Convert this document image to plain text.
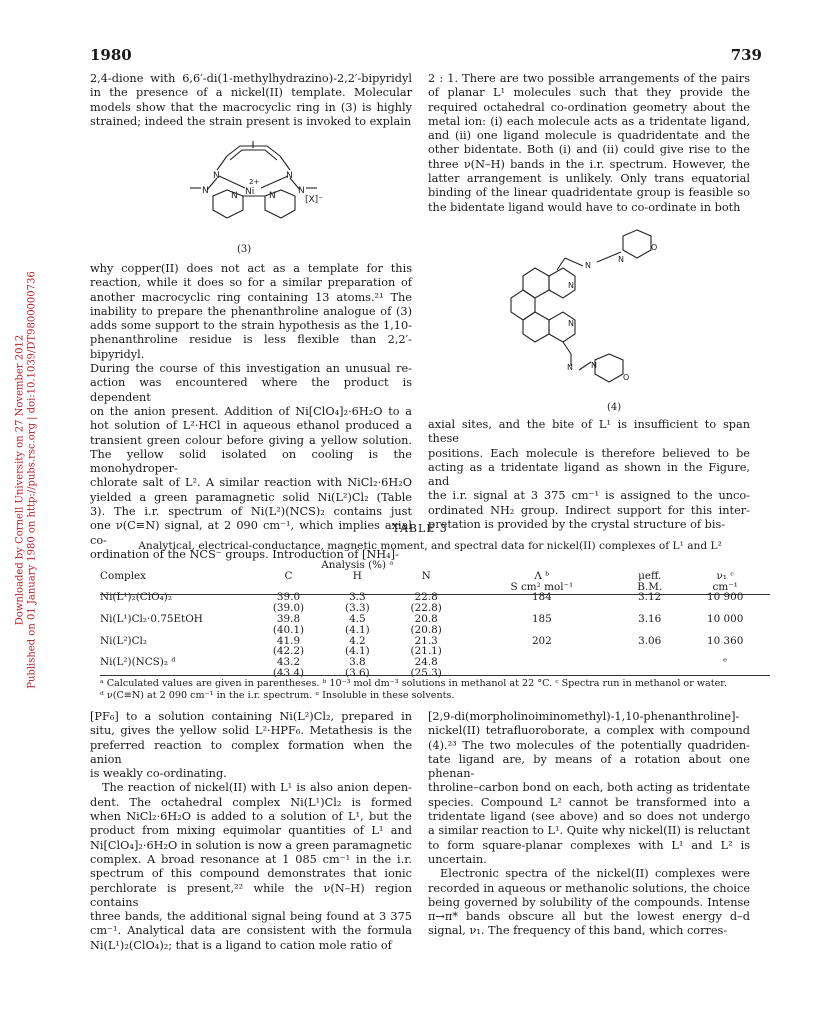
Downloaded by Cornell University on 27 November 2012 Published on 01 January 1980 on http://pubs.rsc.org | doi:10.1039/DT9800000736
1980	739
2,4-dione with 6,6′-di(1-methylhydrazino)-2,2′-bipyridyl
in the presence of a nickel(II) template. Molecular
models show that the macrocyclic ring in (3) is highly
strained; indeed the strain present is invoked to explain
N	N
N	N
Ni
2+
N	N	[X]⁻
(3)
why copper(II) does not act as a template for this
reaction, while it does so for a similar preparation of
another macrocyclic ring containing 13 atoms.²¹ The
inability to prepare the phenanthroline analogue of (3)
adds some support to the strain hypothesis as the 1,10-
phenanthroline residue is less flexible than 2,2′-bipyridyl.
During the course of this investigation an unusual re-
action was encountered where the product is dependent
on the anion present. Addition of Ni[ClO₄]₂·6H₂O to a
hot solution of L²·HCl in aqueous ethanol produced a
transient green colour before giving a yellow solution.
The yellow solid isolated on cooling is the monohydroper-
chlorate salt of L². A similar reaction with NiCl₂·6H₂O
yielded a green paramagnetic solid Ni(L²)Cl₂ (Table
3). The i.r. spectrum of Ni(L²)(NCS)₂ contains just
one ν(C≡N) signal, at 2 090 cm⁻¹, which implies axial co-
ordination of the NCS⁻ groups. Introduction of [NH₄]-
2 : 1. There are two possible arrangements of the pairs
of planar L¹ molecules such that they provide the
required octahedral co-ordination geometry about the
metal ion: (i) each molecule acts as a tridentate ligand,
and (ii) one ligand molecule is quadridentate and the
other bidentate. Both (i) and (ii) could give rise to the
three ν(N–H) bands in the i.r. spectrum. However, the
latter arrangement is unlikely. Only trans equatorial
binding of the linear quadridentate group is feasible so
the bidentate ligand would have to co-ordinate in both
O
N
N
N
N
N N
O
(4)
axial sites, and the bite of L¹ is insufficient to span these
positions. Each molecule is therefore believed to be
acting as a tridentate ligand as shown in the Figure, and
the i.r. signal at 3 375 cm⁻¹ is assigned to the unco-
ordinated NH₂ group. Indirect support for this inter-
pretation is provided by the crystal structure of bis-
TABLE 3
Analytical, electrical-conductance, magnetic moment, and spectral data for nickel(II) complexes of L¹ and L²
	Analysis (%) ᵃ					
Complex	C	H	N	Λ ᵇ	μeff.	ν₁ ᶜ
				S cm² mol⁻¹	B.M.	cm⁻¹
Ni(L¹)₂(ClO₄)₂	39.0	3.3	22.8	184	3.12	10 900
	(39.0)	(3.3)	(22.8)			
Ni(L¹)Cl₂·0.75EtOH	39.8	4.5	20.8	185	3.16	10 000
	(40.1)	(4.1)	(20.8)			
Ni(L²)Cl₂	41.9	4.2	21.3	202	3.06	10 360
	(42.2)	(4.1)	(21.1)			
Ni(L²)(NCS)₂ ᵈ	43.2	3.8	24.8			ᵉ
	(43.4)	(3.6)	(25.3)			
ᵃ Calculated values are given in parentheses. ᵇ 10⁻³ mol dm⁻³ solutions in methanol at 22 °C. ᶜ Spectra run in methanol or water.
ᵈ ν(C≡N) at 2 090 cm⁻¹ in the i.r. spectrum. ᵉ Insoluble in these solvents.
[PF₆] to a solution containing Ni(L²)Cl₂, prepared in
situ, gives the yellow solid L²·HPF₆. Metathesis is the
preferred reaction to complex formation when the anion
is weakly co-ordinating.
The reaction of nickel(II) with L¹ is also anion depen-
dent. The octahedral complex Ni(L¹)Cl₂ is formed
when NiCl₂·6H₂O is added to a solution of L¹, but the
product from mixing equimolar quantities of L¹ and
Ni[ClO₄]₂·6H₂O in solution is now a green paramagnetic
complex. A broad resonance at 1 085 cm⁻¹ in the i.r.
spectrum of this compound demonstrates that ionic
perchlorate is present,²² while the ν(N–H) region contains
three bands, the additional signal being found at 3 375
cm⁻¹. Analytical data are consistent with the formula
Ni(L¹)₂(ClO₄)₂; that is a ligand to cation mole ratio of
[2,9-di(morpholinoiminomethyl)-1,10-phenanthroline]-
nickel(II) tetrafluoroborate, a complex with compound
(4).²³ The two molecules of the potentially quadriden-
tate ligand are, by means of a rotation about one phenan-
throline–carbon bond on each, both acting as tridentate
species. Compound L² cannot be transformed into a
tridentate ligand (see above) and so does not undergo
a similar reaction to L¹. Quite why nickel(II) is reluctant
to form square-planar complexes with L¹ and L² is
uncertain.
Electronic spectra of the nickel(II) complexes were
recorded in aqueous or methanolic solutions, the choice
being governed by solubility of the compounds. Intense
π→π* bands obscure all but the lowest energy d–d
signal, ν₁. The frequency of this band, which corres-
